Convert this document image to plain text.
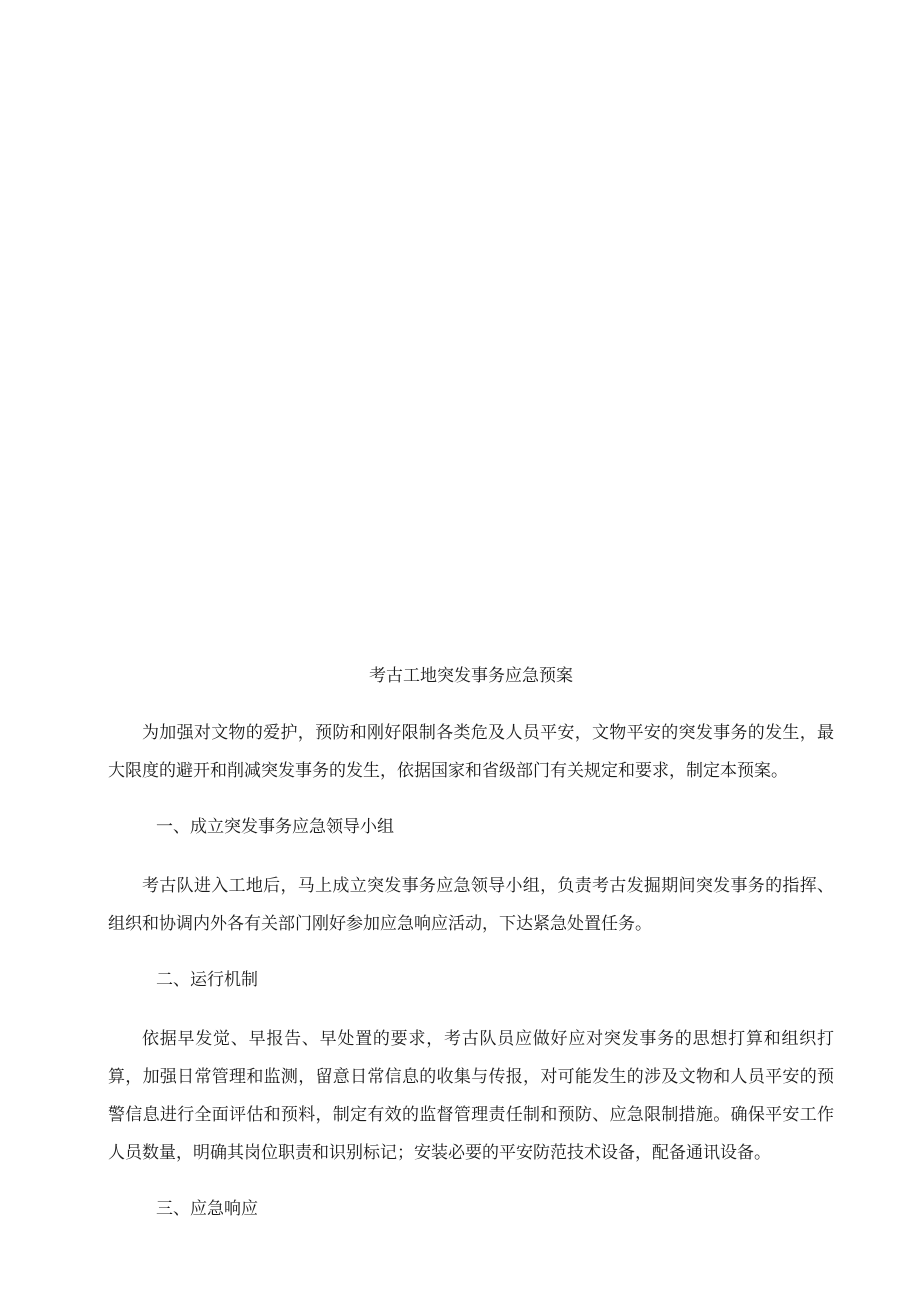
考古工地突发事务应急预案

为加强对文物的爱护，预防和刚好限制各类危及人员平安，文物平安的突发事务的发生，最大限度的避开和削减突发事务的发生，依据国家和省级部门有关规定和要求，制定本预案。

一、成立突发事务应急领导小组

考古队进入工地后，马上成立突发事务应急领导小组，负责考古发掘期间突发事务的指挥、组织和协调内外各有关部门刚好参加应急响应活动，下达紧急处置任务。

二、运行机制

依据早发觉、早报告、早处置的要求，考古队员应做好应对突发事务的思想打算和组织打算，加强日常管理和监测，留意日常信息的收集与传报，对可能发生的涉及文物和人员平安的预警信息进行全面评估和预料，制定有效的监督管理责任制和预防、应急限制措施。确保平安工作人员数量，明确其岗位职责和识别标记；安装必要的平安防范技术设备，配备通讯设备。

三、应急响应
